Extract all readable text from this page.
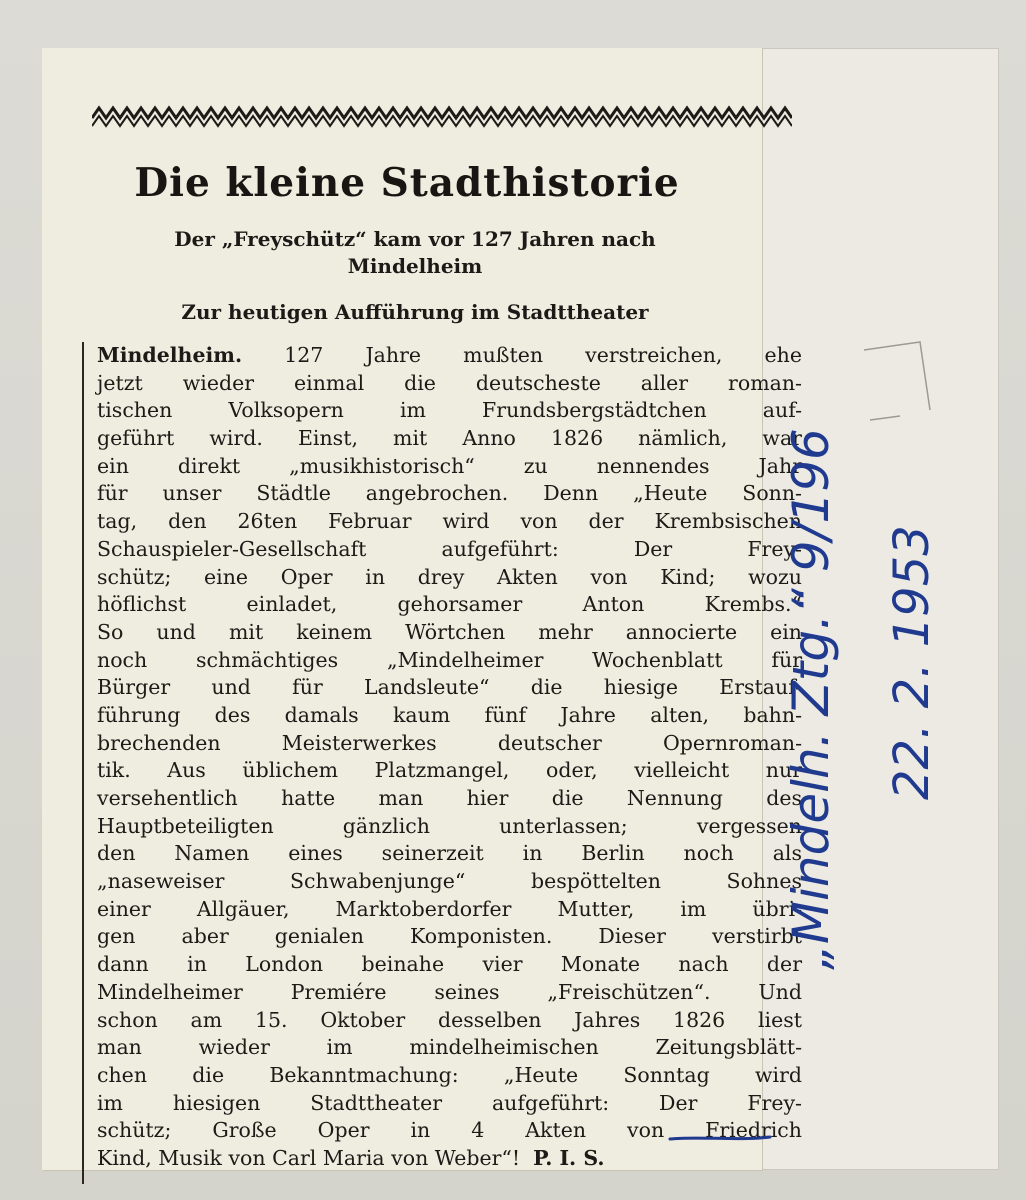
Die kleine Stadthistorie

Der „Freyschütz“ kam vor 127 Jahren nach
Mindelheim

Zur heutigen Aufführung im Stadttheater

Mindelheim. 127 Jahre mußten verstreichen, ehe
jetzt wieder einmal die deutscheste aller roman-
tischen Volksopern im Frundsbergstädtchen auf-
geführt wird. Einst, mit Anno 1826 nämlich, war
ein direkt „musikhistorisch“ zu nennendes Jahr
für unser Städtle angebrochen. Denn „Heute Sonn-
tag, den 26ten Februar wird von der Krembsischen
Schauspieler-Gesellschaft aufgeführt: Der Frey-
schütz; eine Oper in drey Akten von Kind; wozu
höflichst einladet, gehorsamer Anton Krembs.“
So und mit keinem Wörtchen mehr annocierte ein
noch schmächtiges „Mindelheimer Wochenblatt für
Bürger und für Landsleute“ die hiesige Erstauf-
führung des damals kaum fünf Jahre alten, bahn-
brechenden Meisterwerkes deutscher Opernroman-
tik. Aus üblichem Platzmangel, oder, vielleicht nur
versehentlich hatte man hier die Nennung des
Hauptbeteiligten gänzlich unterlassen; vergessen
den Namen eines seinerzeit in Berlin noch als
„naseweiser Schwabenjunge“ bespöttelten Sohnes
einer Allgäuer, Marktoberdorfer Mutter, im übri-
gen aber genialen Komponisten. Dieser verstirbt
dann in London beinahe vier Monate nach der
Mindelheimer Premiére seines „Freischützen“. Und
schon am 15. Oktober desselben Jahres 1826 liest
man wieder im mindelheimischen Zeitungsblätt-
chen die Bekanntmachung: „Heute Sonntag wird
im hiesigen Stadttheater aufgeführt: Der Frey-
schütz; Große Oper in 4 Akten von Friedrich
Kind, Musik von Carl Maria von Weber“! P. I. S.
„Mindelh. Ztg.“ 9/196 22. 2. 1953
